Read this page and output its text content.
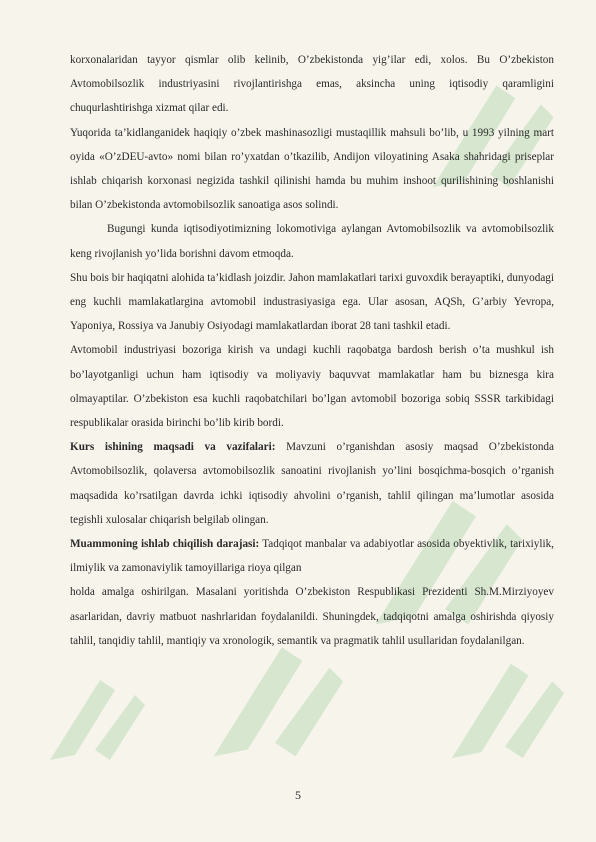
korxonalaridan tayyor qismlar olib kelinib, O’zbekistonda yig’ilar edi, xolos. Bu O’zbekiston Avtomobilsozlik industriyasini rivojlantirishga emas, aksincha uning iqtisodiy qaramligini chuqurlashtirishga xizmat qilar edi.

Yuqorida ta’kidlanganidek haqiqiy o’zbek mashinasozligi mustaqillik mahsuli bo’lib, u 1993 yilning mart oyida «O’zDEU-avto» nomi bilan ro’yxatdan o’tkazilib, Andijon viloyatining Asaka shahridagi priseplar ishlab chiqarish korxonasi negizida tashkil qilinishi hamda bu muhim inshoot qurilishining boshlanishi bilan O’zbekistonda avtomobilsozlik sanoatiga asos solindi.

Bugungi kunda iqtisodiyotimizning lokomotiviga aylangan Avtomobilsozlik va avtomobilsozlik keng rivojlanish yo’lida borishni davom etmoqda.

Shu bois bir haqiqatni alohida ta’kidlash joizdir. Jahon mamlakatlari tarixi guvoxdik berayaptiki, dunyodagi eng kuchli mamlakatlargina avtomobil industrasiyasiga ega. Ular asosan, AQSh, G’arbiy Yevropa, Yaponiya, Rossiya va Janubiy Osiyodagi mamlakatlardan iborat 28 tani tashkil etadi.

Avtomobil industriyasi bozoriga kirish va undagi kuchli raqobatga bardosh berish o’ta mushkul ish bo’layotganligi uchun ham iqtisodiy va moliyaviy baquvvat mamlakatlar ham bu biznesga kira olmayaptilar. O’zbekiston esa kuchli raqobatchilari bo’lgan avtomobil bozoriga sobiq SSSR tarkibidagi respublikalar orasida birinchi bo’lib kirib bordi.

Kurs ishining maqsadi va vazifalari: Mavzuni o’rganishdan asosiy maqsad O’zbekistonda Avtomobilsozlik, qolaversa avtomobilsozlik sanoatini rivojlanish yo’lini bosqichma-bosqich o’rganish maqsadida ko’rsatilgan davrda ichki iqtisodiy ahvolini o’rganish, tahlil qilingan ma’lumotlar asosida tegishli xulosalar chiqarish belgilab olingan.

Muammoning ishlab chiqilish darajasi: Tadqiqot manbalar va adabiyotlar asosida obyektivlik, tarixiylik, ilmiylik va zamonaviylik tamoyillariga rioya qilgan

holda amalga oshirilgan. Masalani yoritishda O’zbekiston Respublikasi Prezidenti Sh.M.Mirziyoyev asarlaridan, davriy matbuot nashrlaridan foydalanildi. Shuningdek, tadqiqotni amalga oshirishda qiyosiy tahlil, tanqidiy tahlil, mantiqiy va xronologik, semantik va pragmatik tahlil usullaridan foydalanilgan.

5
